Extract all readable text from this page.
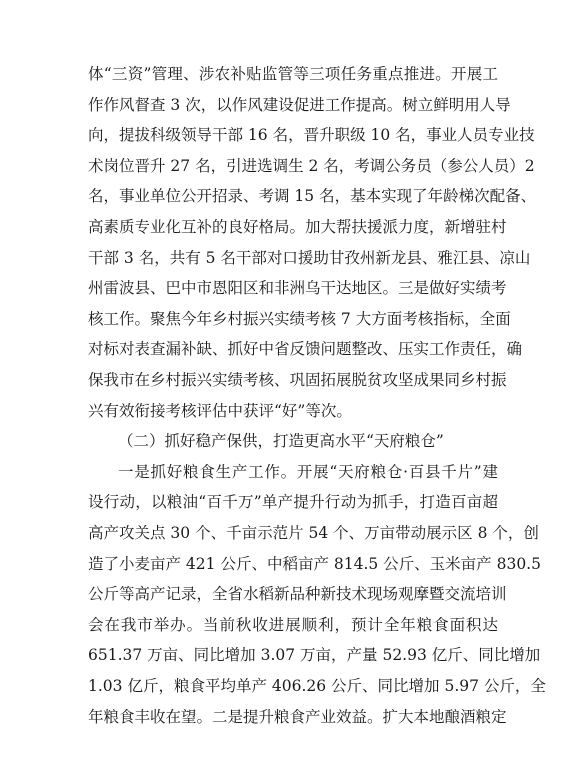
体“三资”管理、涉农补贴监管等三项任务重点推进。开展工

作作风督查 3 次，以作风建设促进工作提高。树立鲜明用人导

向，提拔科级领导干部 16 名，晋升职级 10 名，事业人员专业技

术岗位晋升 27 名，引进选调生 2 名，考调公务员（参公人员）2

名，事业单位公开招录、考调 15 名，基本实现了年龄梯次配备、

高素质专业化互补的良好格局。加大帮扶援派力度，新增驻村

干部 3 名，共有 5 名干部对口援助甘孜州新龙县、雅江县、凉山

州雷波县、巴中市恩阳区和非洲乌干达地区。三是做好实绩考

核工作。聚焦今年乡村振兴实绩考核 7 大方面考核指标，全面

对标对表查漏补缺、抓好中省反馈问题整改、压实工作责任，确

保我市在乡村振兴实绩考核、巩固拓展脱贫攻坚成果同乡村振

兴有效衔接考核评估中获评“好”等次。

（二）抓好稳产保供，打造更高水平“天府粮仓”

一是抓好粮食生产工作。开展“天府粮仓·百县千片”建

设行动，以粮油“百千万”单产提升行动为抓手，打造百亩超

高产攻关点 30 个、千亩示范片 54 个、万亩带动展示区 8 个，创

造了小麦亩产 421 公斤、中稻亩产 814.5 公斤、玉米亩产 830.5

公斤等高产记录，全省水稻新品种新技术现场观摩暨交流培训

会在我市举办。当前秋收进展顺利，预计全年粮食面积达

651.37 万亩、同比增加 3.07 万亩，产量 52.93 亿斤、同比增加

1.03 亿斤，粮食平均单产 406.26 公斤、同比增加 5.97 公斤，全

年粮食丰收在望。二是提升粮食产业效益。扩大本地酿酒粮定
